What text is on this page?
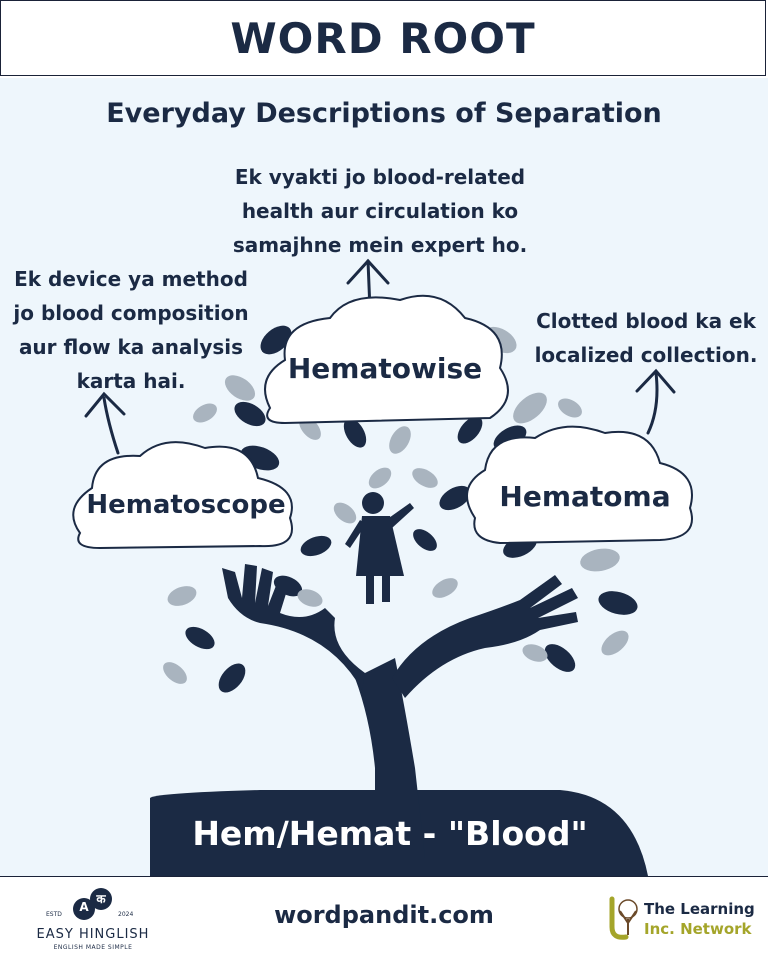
WORD ROOT
Everyday Descriptions of Separation
Ek vyakti jo blood-related
health aur circulation ko
samajhne mein expert ho.
Ek device ya method
jo blood composition
aur flow ka analysis
karta hai.
Clotted blood ka ek
localized collection.
Hematowise
Hematoscope	Hematoma
Hem/Hemat - "Blood"
A
क
ESTD	2024
EASY HINGLISH
ENGLISH MADE SIMPLE
wordpandit.com	The Learning
Inc. Network
